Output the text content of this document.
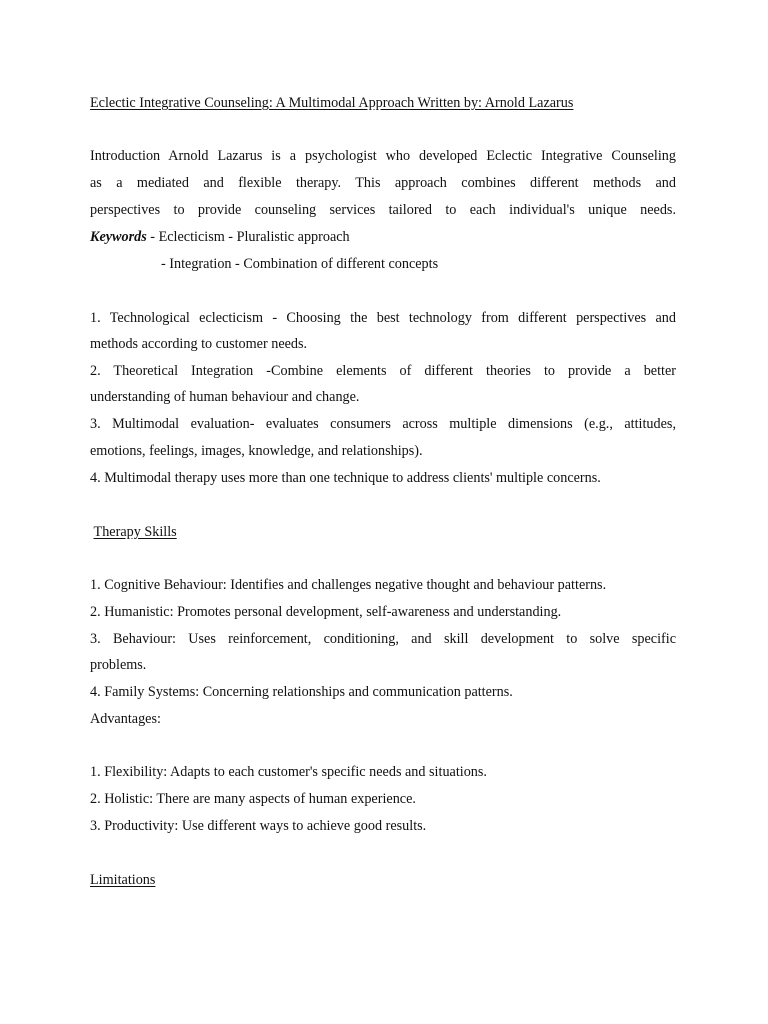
Eclectic Integrative Counseling: A Multimodal Approach Written by: Arnold Lazarus
Introduction Arnold Lazarus is a psychologist who developed Eclectic Integrative Counseling
as a mediated and flexible therapy. This approach combines different methods and
perspectives to provide counseling services tailored to each individual's unique needs.
Keywords - Eclecticism - Pluralistic approach
- Integration - Combination of different concepts
1. Technological eclecticism - Choosing the best technology from different perspectives and
methods according to customer needs.
2. Theoretical Integration -Combine elements of different theories to provide a better
understanding of human behaviour and change.
3. Multimodal evaluation- evaluates consumers across multiple dimensions (e.g., attitudes,
emotions, feelings, images, knowledge, and relationships).
4. Multimodal therapy uses more than one technique to address clients' multiple concerns.
Therapy Skills
1. Cognitive Behaviour: Identifies and challenges negative thought and behaviour patterns.
2. Humanistic: Promotes personal development, self-awareness and understanding.
3. Behaviour: Uses reinforcement, conditioning, and skill development to solve specific
problems.
4. Family Systems: Concerning relationships and communication patterns.
Advantages:
1. Flexibility: Adapts to each customer's specific needs and situations.
2. Holistic: There are many aspects of human experience.
3. Productivity: Use different ways to achieve good results.
Limitations
